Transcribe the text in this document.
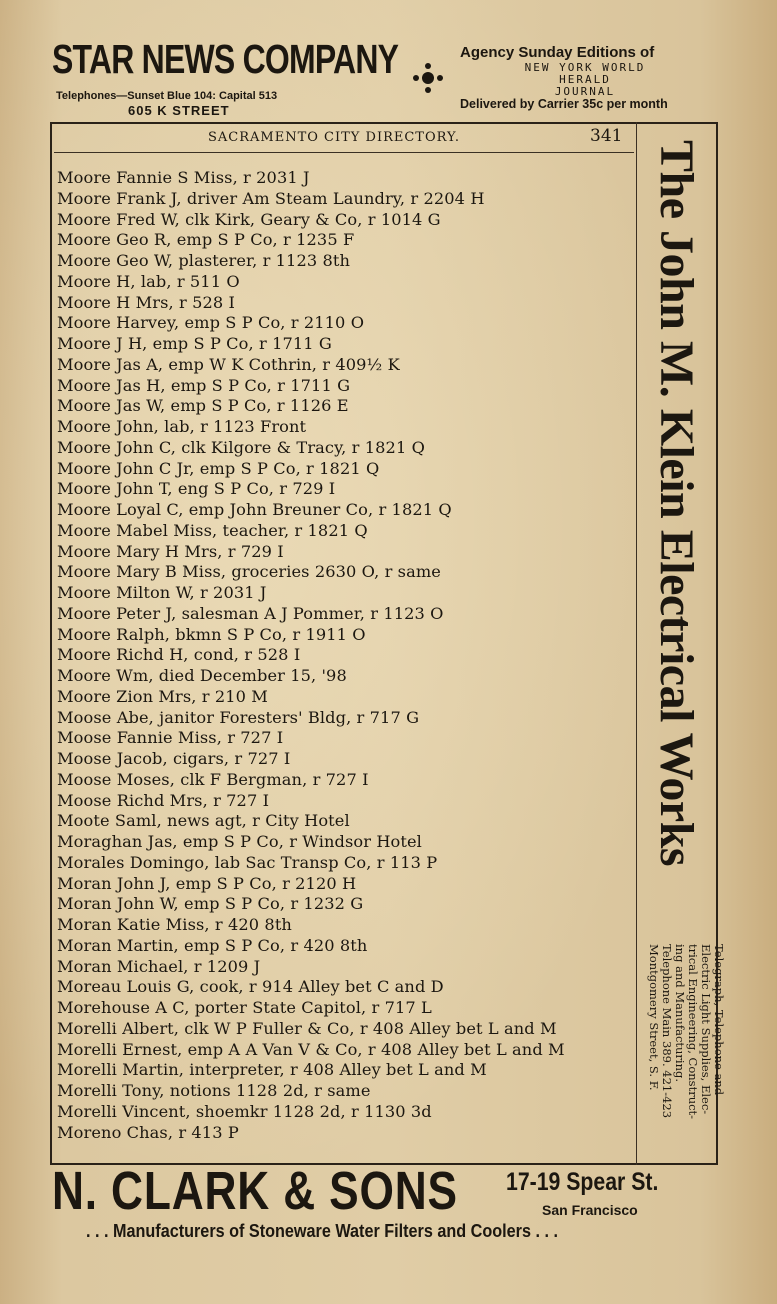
STAR NEWS COMPANY
Telephones—Sunset Blue 104: Capital 513
605 K STREET
Agency Sunday Editions of
NEW YORK WORLD
HERALD
JOURNAL
Delivered by Carrier 35c per month
SACRAMENTO CITY DIRECTORY.	341
Moore Fannie S Miss, r 2031 J
Moore Frank J, driver Am Steam Laundry, r 2204 H
Moore Fred W, clk Kirk, Geary & Co, r 1014 G
Moore Geo R, emp S P Co, r 1235 F
Moore Geo W, plasterer, r 1123 8th
Moore H, lab, r 511 O
Moore H Mrs, r 528 I
Moore Harvey, emp S P Co, r 2110 O
Moore J H, emp S P Co, r 1711 G
Moore Jas A, emp W K Cothrin, r 409½ K
Moore Jas H, emp S P Co, r 1711 G
Moore Jas W, emp S P Co, r 1126 E
Moore John, lab, r 1123 Front
Moore John C, clk Kilgore & Tracy, r 1821 Q
Moore John C Jr, emp S P Co, r 1821 Q
Moore John T, eng S P Co, r 729 I
Moore Loyal C, emp John Breuner Co, r 1821 Q
Moore Mabel Miss, teacher, r 1821 Q
Moore Mary H Mrs, r 729 I
Moore Mary B Miss, groceries 2630 O, r same
Moore Milton W, r 2031 J
Moore Peter J, salesman A J Pommer, r 1123 O
Moore Ralph, bkmn S P Co, r 1911 O
Moore Richd H, cond, r 528 I
Moore Wm, died December 15, '98
Moore Zion Mrs, r 210 M
Moose Abe, janitor Foresters' Bldg, r 717 G
Moose Fannie Miss, r 727 I
Moose Jacob, cigars, r 727 I
Moose Moses, clk F Bergman, r 727 I
Moose Richd Mrs, r 727 I
Moote Saml, news agt, r City Hotel
Moraghan Jas, emp S P Co, r Windsor Hotel
Morales Domingo, lab Sac Transp Co, r 113 P
Moran John J, emp S P Co, r 2120 H
Moran John W, emp S P Co, r 1232 G
Moran Katie Miss, r 420 8th
Moran Martin, emp S P Co, r 420 8th
Moran Michael, r 1209 J
Moreau Louis G, cook, r 914 Alley bet C and D
Morehouse A C, porter State Capitol, r 717 L
Morelli Albert, clk W P Fuller & Co, r 408 Alley bet L and M
Morelli Ernest, emp A A Van V & Co, r 408 Alley bet L and M
Morelli Martin, interpreter, r 408 Alley bet L and M
Morelli Tony, notions 1128 2d, r same
Morelli Vincent, shoemkr 1128 2d, r 1130 3d
Moreno Chas, r 413 P
The John M. Klein Electrical Works
Telegraph, Telephone and
Electric Light Supplies, Elec-
trical Engineering, Construct-
ing and Manufacturing.
Telephone Main 389. 421-423
Montgomery Street, S. F.
N. CLARK & SONS 17-19 Spear St.
San Francisco
. . . Manufacturers of Stoneware Water Filters and Coolers . . .
